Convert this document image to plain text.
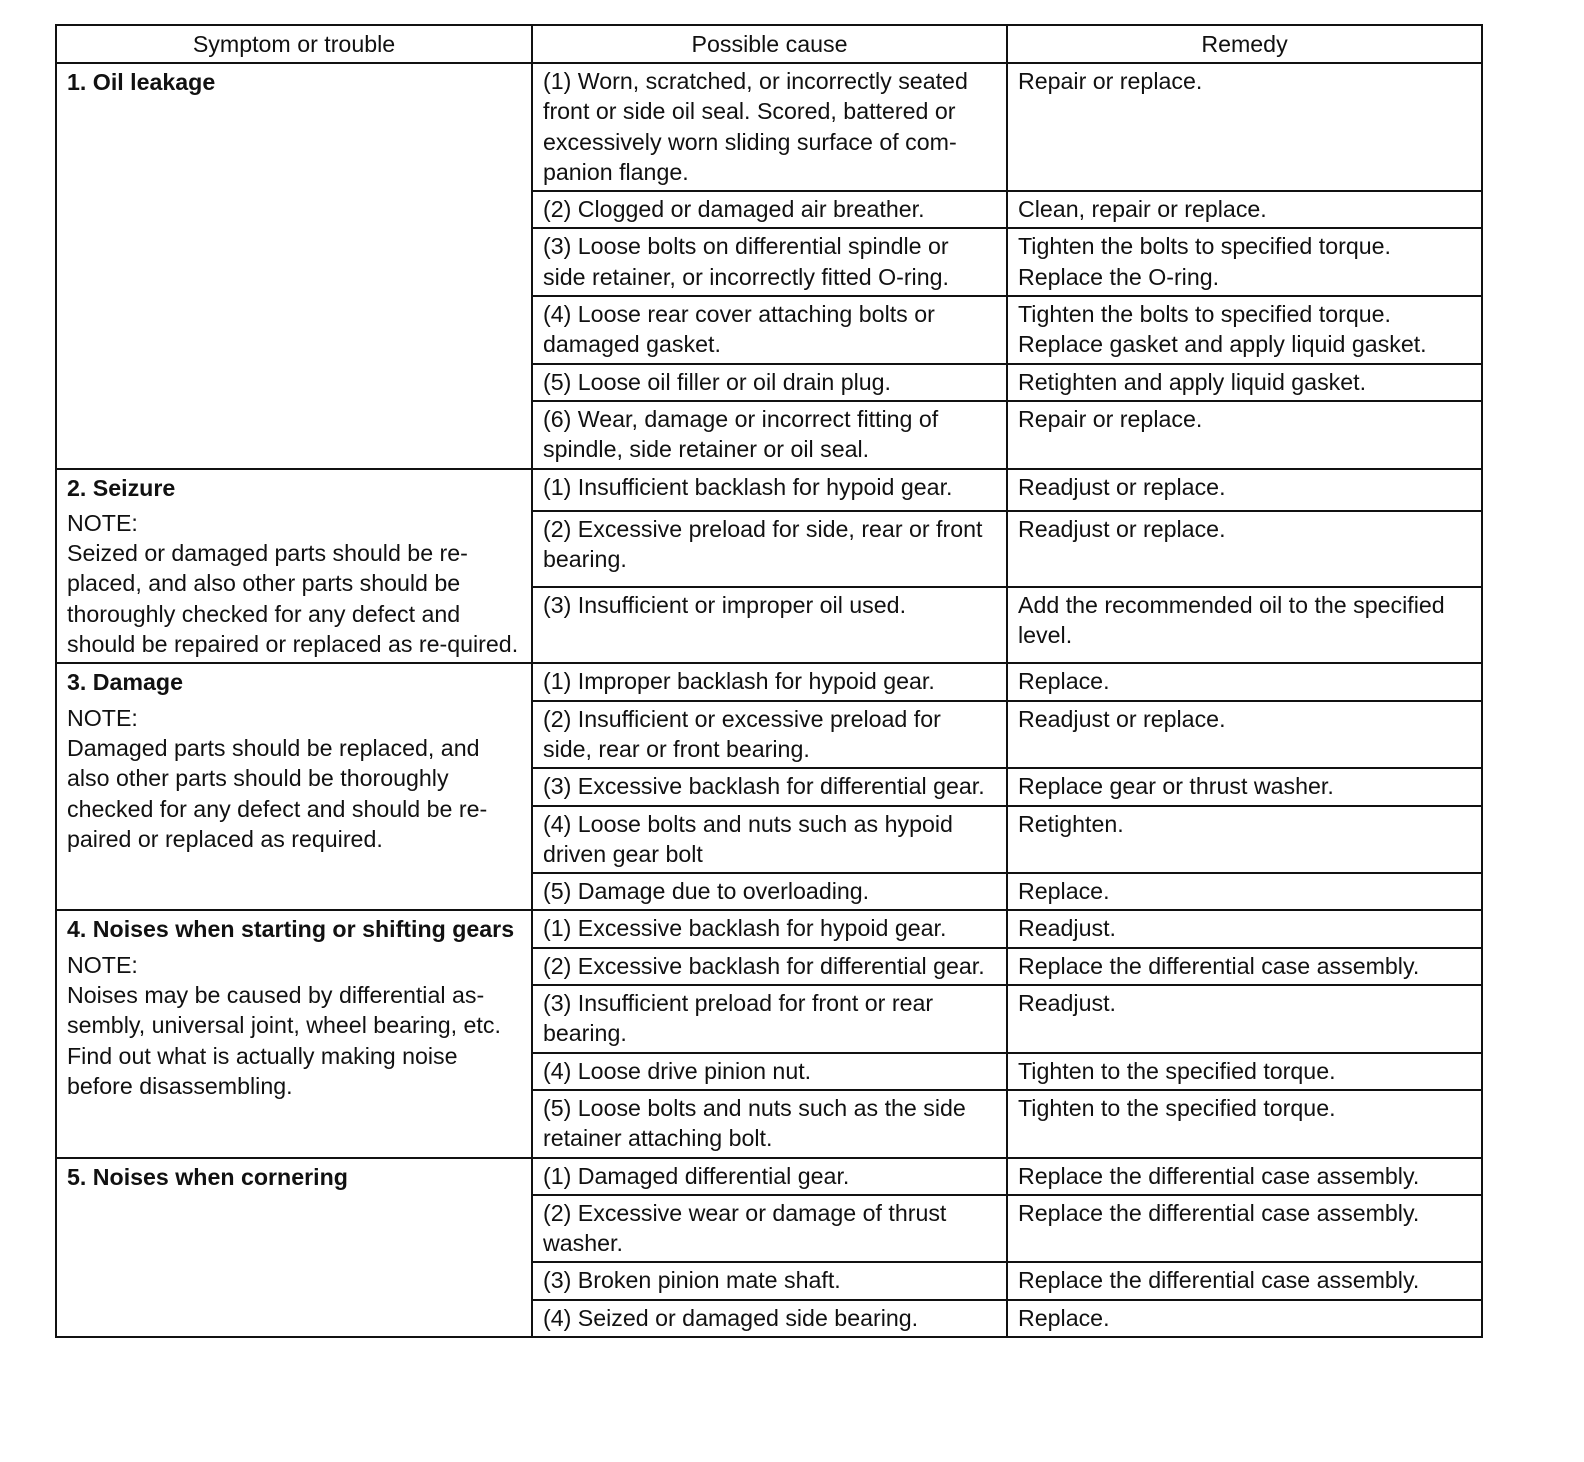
Symptom or trouble	Possible cause	Remedy

1. Oil leakage	(1) Worn, scratched, or incorrectly seated front or side oil seal. Scored, battered or excessively worn sliding surface of com-panion flange.	Repair or replace.
	(2) Clogged or damaged air breather.	Clean, repair or replace.
	(3) Loose bolts on differential spindle or side retainer, or incorrectly fitted O-ring.	Tighten the bolts to specified torque. Replace the O-ring.
	(4) Loose rear cover attaching bolts or damaged gasket.	Tighten the bolts to specified torque. Replace gasket and apply liquid gasket.
	(5) Loose oil filler or oil drain plug.	Retighten and apply liquid gasket.
	(6) Wear, damage or incorrect fitting of spindle, side retainer or oil seal.	Repair or replace.

2. Seizure
NOTE:
Seized or damaged parts should be re-placed, and also other parts should be thoroughly checked for any defect and should be repaired or replaced as re-quired.	(1) Insufficient backlash for hypoid gear.	Readjust or replace.
	(2) Excessive preload for side, rear or front bearing.	Readjust or replace.
	(3) Insufficient or improper oil used.	Add the recommended oil to the specified level.

3. Damage
NOTE:
Damaged parts should be replaced, and also other parts should be thoroughly checked for any defect and should be re-paired or replaced as required.	(1) Improper backlash for hypoid gear.	Replace.
	(2) Insufficient or excessive preload for side, rear or front bearing.	Readjust or replace.
	(3) Excessive backlash for differential gear.	Replace gear or thrust washer.
	(4) Loose bolts and nuts such as hypoid driven gear bolt	Retighten.
	(5) Damage due to overloading.	Replace.

4. Noises when starting or shifting gears
NOTE:
Noises may be caused by differential as-sembly, universal joint, wheel bearing, etc. Find out what is actually making noise before disassembling.	(1) Excessive backlash for hypoid gear.	Readjust.
	(2) Excessive backlash for differential gear.	Replace the differential case assembly.
	(3) Insufficient preload for front or rear bearing.	Readjust.
	(4) Loose drive pinion nut.	Tighten to the specified torque.
	(5) Loose bolts and nuts such as the side retainer attaching bolt.	Tighten to the specified torque.

5. Noises when cornering	(1) Damaged differential gear.	Replace the differential case assembly.
	(2) Excessive wear or damage of thrust washer.	Replace the differential case assembly.
	(3) Broken pinion mate shaft.	Replace the differential case assembly.
	(4) Seized or damaged side bearing.	Replace.
